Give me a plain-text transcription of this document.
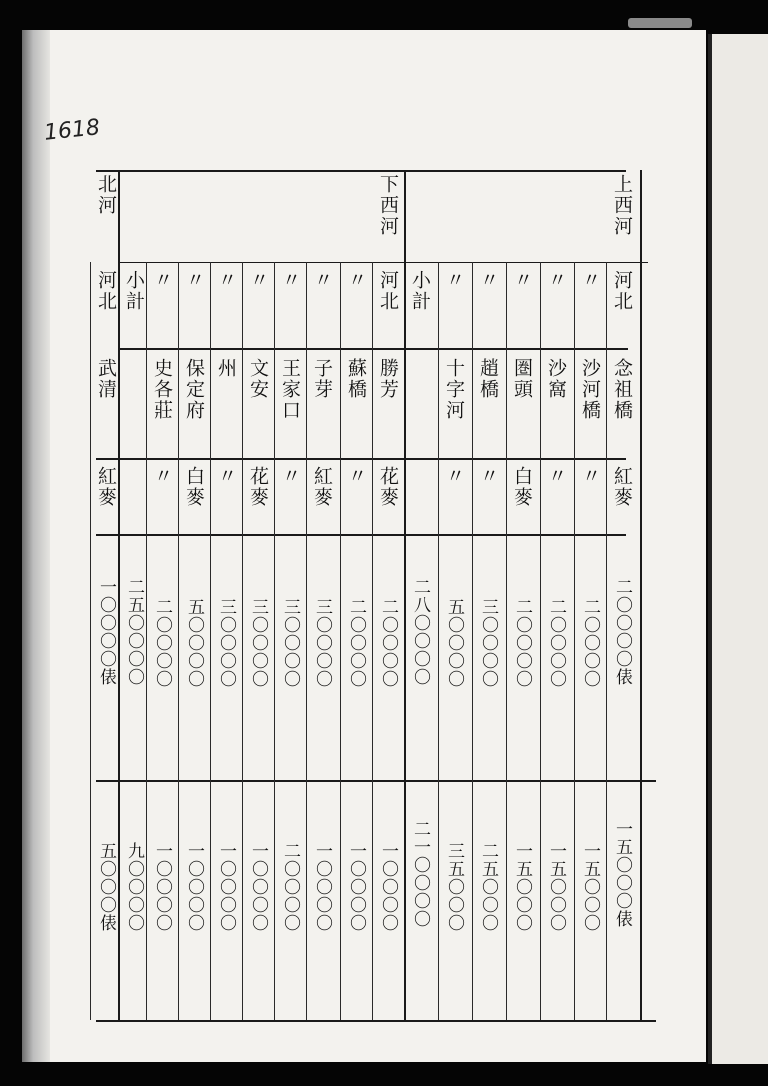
1618
上西河
河北
念祖橋
紅麥
二〇〇〇〇俵
一五〇〇〇俵
〃
沙河橋
〃
二〇〇〇〇
一五〇〇〇
〃
沙窩
〃
二〇〇〇〇
一五〇〇〇
〃
圏頭
白麥
二〇〇〇〇
一五〇〇〇
〃
趙橋
〃
三〇〇〇〇
二五〇〇〇
〃
十字河
〃
五〇〇〇〇
三五〇〇〇
小計
二八〇〇〇〇
二一〇〇〇〇
下西河
河北
勝芳
花麥
二〇〇〇〇
一〇〇〇〇
〃
蘇橋
〃
二〇〇〇〇
一〇〇〇〇
〃
子芽
紅麥
三〇〇〇〇
一〇〇〇〇
〃
王家口
〃
三〇〇〇〇
二〇〇〇〇
〃
文安
花麥
三〇〇〇〇
一〇〇〇〇
〃
州
〃
三〇〇〇〇
一〇〇〇〇
〃
保定府
白麥
五〇〇〇〇
一〇〇〇〇
〃
史各莊
〃
二〇〇〇〇
一〇〇〇〇
小計
二五〇〇〇〇
九〇〇〇〇
北河
河北
武清
紅麥
一〇〇〇〇俵
五〇〇〇俵
